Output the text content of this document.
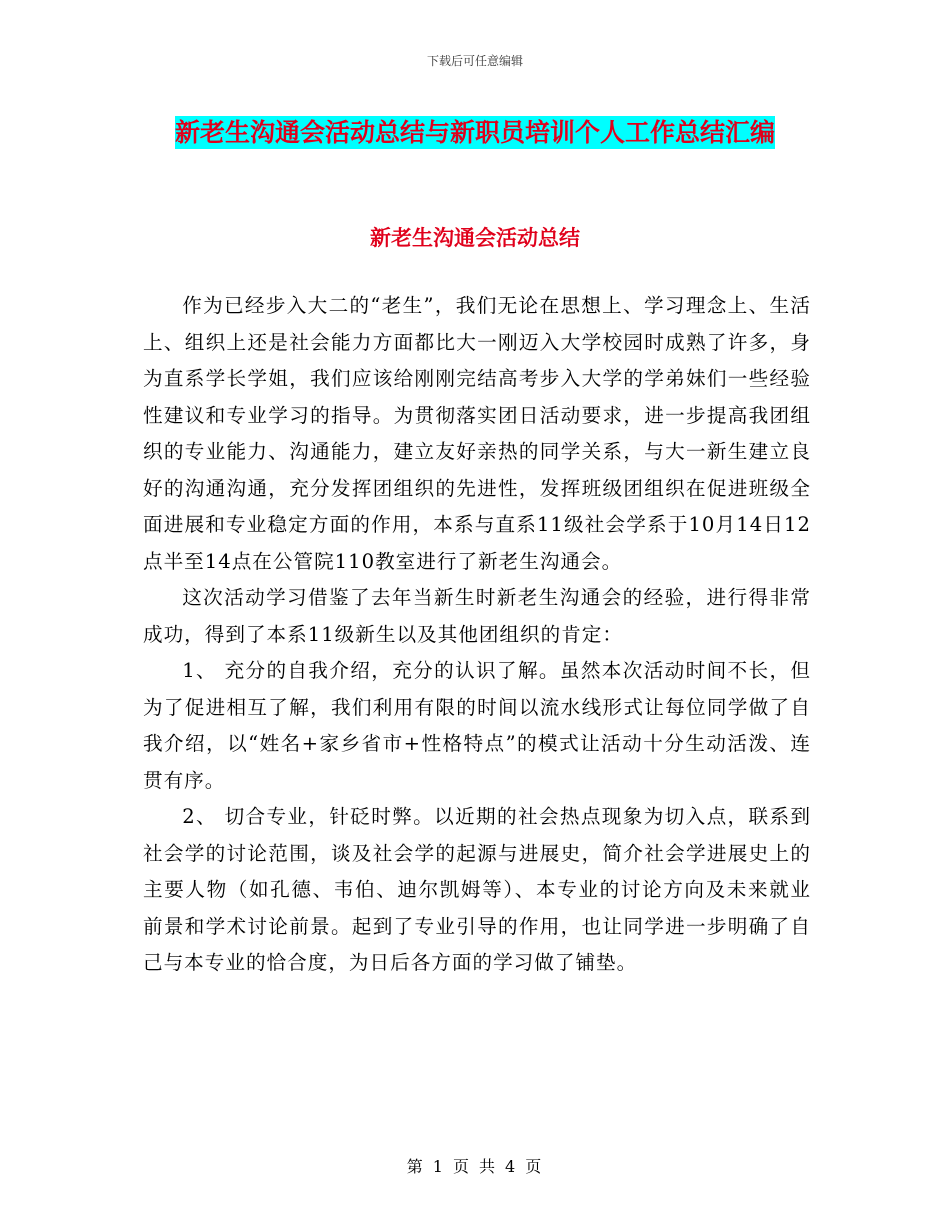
下载后可任意编辑
新老生沟通会活动总结与新职员培训个人工作总结汇编
新老生沟通会活动总结

作为已经步入大二的“老生”，我们无论在思想上、学习理念上、生活上、组织上还是社会能力方面都比大一刚迈入大学校园时成熟了许多，身为直系学长学姐，我们应该给刚刚完结高考步入大学的学弟妹们一些经验性建议和专业学习的指导。为贯彻落实团日活动要求，进一步提高我团组织的专业能力、沟通能力，建立友好亲热的同学关系，与大一新生建立良好的沟通沟通，充分发挥团组织的先进性，发挥班级团组织在促进班级全面进展和专业稳定方面的作用，本系与直系11级社会学系于10月14日12点半至14点在公管院110教室进行了新老生沟通会。

这次活动学习借鉴了去年当新生时新老生沟通会的经验，进行得非常成功，得到了本系11级新生以及其他团组织的肯定：

1、 充分的自我介绍，充分的认识了解。虽然本次活动时间不长，但为了促进相互了解，我们利用有限的时间以流水线形式让每位同学做了自我介绍，以“姓名+家乡省市+性格特点”的模式让活动十分生动活泼、连贯有序。

2、 切合专业，针砭时弊。以近期的社会热点现象为切入点，联系到社会学的讨论范围，谈及社会学的起源与进展史，简介社会学进展史上的主要人物（如孔德、韦伯、迪尔凯姆等）、本专业的讨论方向及未来就业前景和学术讨论前景。起到了专业引导的作用，也让同学进一步明确了自己与本专业的恰合度，为日后各方面的学习做了铺垫。

第 1 页 共 4 页
